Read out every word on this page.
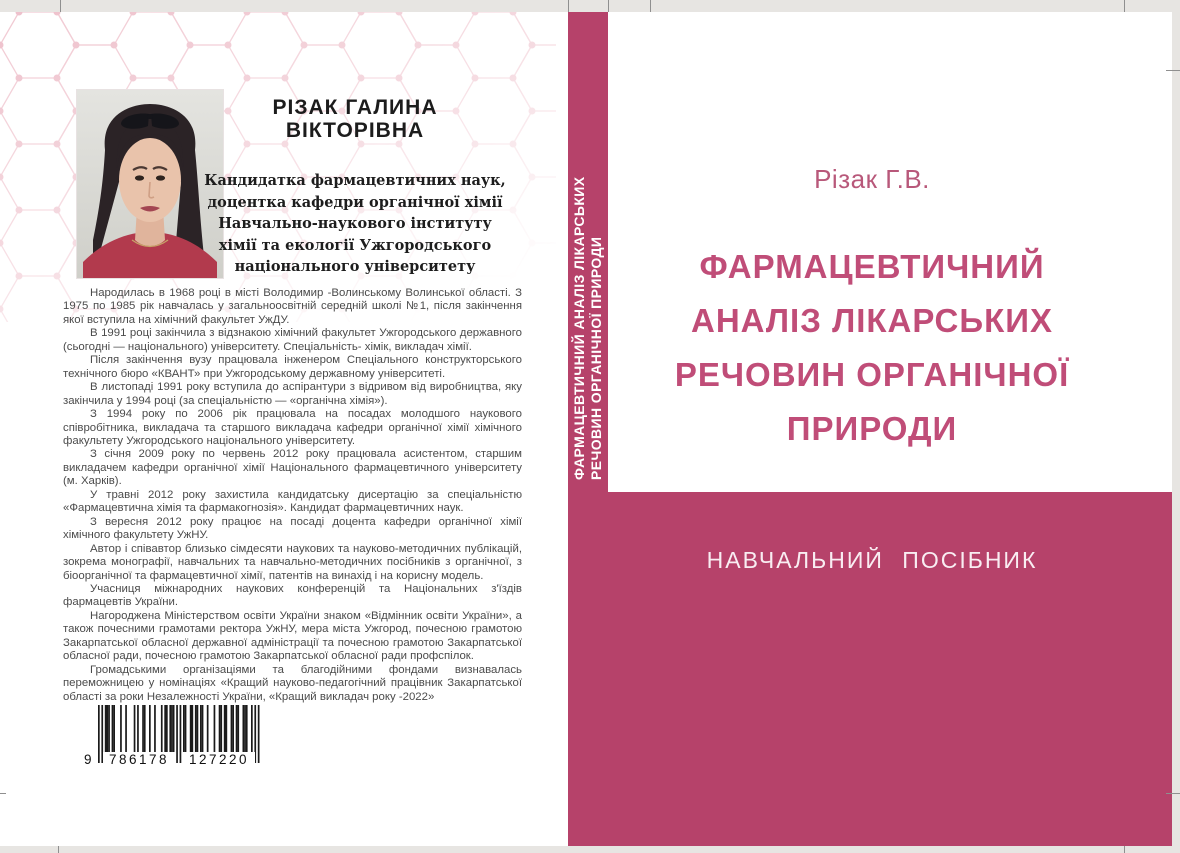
РІЗАК ГАЛИНА
ВІКТОРІВНА
Кандидатка фармацевтичних наук,
доцентка кафедри органічної хімії
Навчально-наукового інституту
хімії та екології Ужгородського
національного університету

Народилась в 1968 році в місті Володимир -Волинському Волинської області. З 1975 по 1985 рік навчалась у загальноосвітній середній школі №1, після закінчення якої вступила на хімічний факультет УжДУ.

В 1991 році закінчила з відзнакою хімічний факультет Ужгородського державного (сьогодні — національного) університету. Спеціальність- хімік, викладач хімії.

Після закінчення вузу працювала інженером Спеціального конструкторського технічного бюро «КВАНТ» при Ужгородському державному університеті.

В листопаді 1991 року вступила до аспірантури з відривом від виробництва, яку закінчила у 1994 році (за спеціальністю — «органічна хімія»).

З 1994 року по 2006 рік працювала на посадах молодшого наукового співробітника, викладача та старшого викладача кафедри органічної хімії хімічного факультету Ужгородського національного університету.

З січня 2009 року по червень 2012 року працювала асистентом, старшим викладачем кафедри органічної хімії Національного фармацевтичного університету (м. Харків).

У травні 2012 року захистила кандидатську дисертацію за спеціальністю «Фармацевтична хімія та фармакогнозія». Кандидат фармацевтичних наук.

З вересня 2012 року працює на посаді доцента кафедри органічної хімії хімічного факультету УжНУ.

Автор і співавтор близько сімдесяти наукових та науково-методичних публікацій, зокрема монографії, навчальних та навчально-методичних посібників з органічної, з біоорганічної та фармацевтичної хімії, патентів на винахід і на корисну модель.

Учасниця міжнародних наукових конференцій та Національних з'їздів фармацевтів України.

Нагороджена Міністерством освіти України знаком «Відмінник освіти України», а також почесними грамотами ректора УжНУ, мера міста Ужгород, почесною грамотою Закарпатської обласної державної адміністрації та почесною грамотою Закарпатської обласної ради, почесною грамотою Закарпатської обласної ради профспілок.

Громадськими організаціями та благодійними фондами визнавалась переможницею у номінаціях «Кращий науково-педагогічний працівник Закарпатської області за роки Незалежності України, «Кращий викладач року -2022»

9	786178	127220
ФАРМАЦЕВТИЧНИЙ АНАЛІЗ ЛІКАРСЬКИХ РЕЧОВИН ОРГАНІЧНОЇ ПРИРОДИ
Різак Г.В.
ФАРМАЦЕВТИЧНИЙ
АНАЛІЗ ЛІКАРСЬКИХ
РЕЧОВИН ОРГАНІЧНОЇ
ПРИРОДИ
НАВЧАЛЬНИЙ ПОСІБНИК
